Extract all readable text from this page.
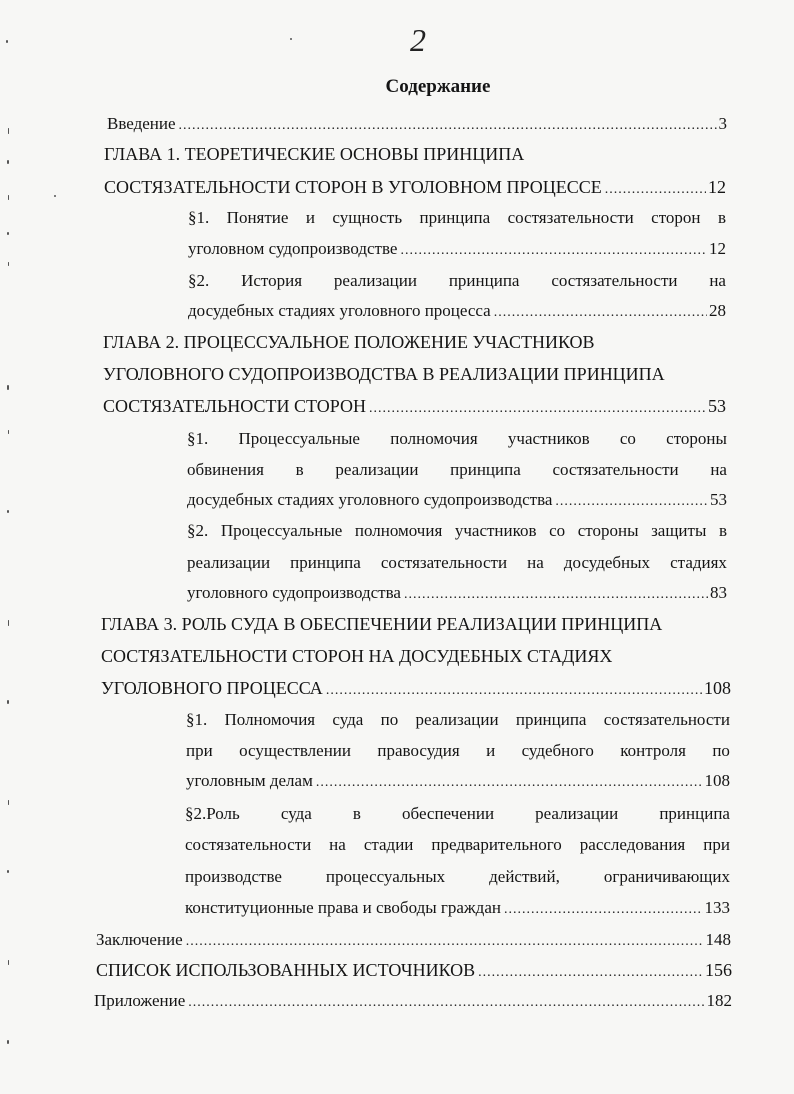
2
Содержание
Введение .....	3
ГЛАВА 1. ТЕОРЕТИЧЕСКИЕ ОСНОВЫ ПРИНЦИПА
СОСТЯЗАТЕЛЬНОСТИ СТОРОН В УГОЛОВНОМ ПРОЦЕССЕ .....	12
§1. Понятие и сущность принципа состязательности сторон в
уголовном судопроизводстве .....	12
§2. История реализации принципа состязательности на
досудебных стадиях уголовного процесса .....	28
ГЛАВА 2. ПРОЦЕССУАЛЬНОЕ ПОЛОЖЕНИЕ УЧАСТНИКОВ
УГОЛОВНОГО СУДОПРОИЗВОДСТВА В РЕАЛИЗАЦИИ ПРИНЦИПА
СОСТЯЗАТЕЛЬНОСТИ СТОРОН .....	53
§1. Процессуальные полномочия участников со стороны
обвинения в реализации принципа состязательности на
досудебных стадиях уголовного судопроизводства .....	53
§2. Процессуальные полномочия участников со стороны защиты в
реализации принципа состязательности на досудебных стадиях
уголовного судопроизводства .....	83
ГЛАВА 3. РОЛЬ СУДА В ОБЕСПЕЧЕНИИ РЕАЛИЗАЦИИ ПРИНЦИПА
СОСТЯЗАТЕЛЬНОСТИ СТОРОН НА ДОСУДЕБНЫХ СТАДИЯХ
УГОЛОВНОГО ПРОЦЕССА .....	108
§1. Полномочия суда по реализации принципа состязательности
при осуществлении правосудия и судебного контроля по
уголовным делам .....	108
§2.Роль суда в обеспечении реализации принципа
состязательности на стадии предварительного расследования при
производстве	процессуальных	действий,	ограничивающих
конституционные права и свободы граждан .....	133
Заключение .....	148
СПИСОК ИСПОЛЬЗОВАННЫХ ИСТОЧНИКОВ .....	156
Приложение .....	182
